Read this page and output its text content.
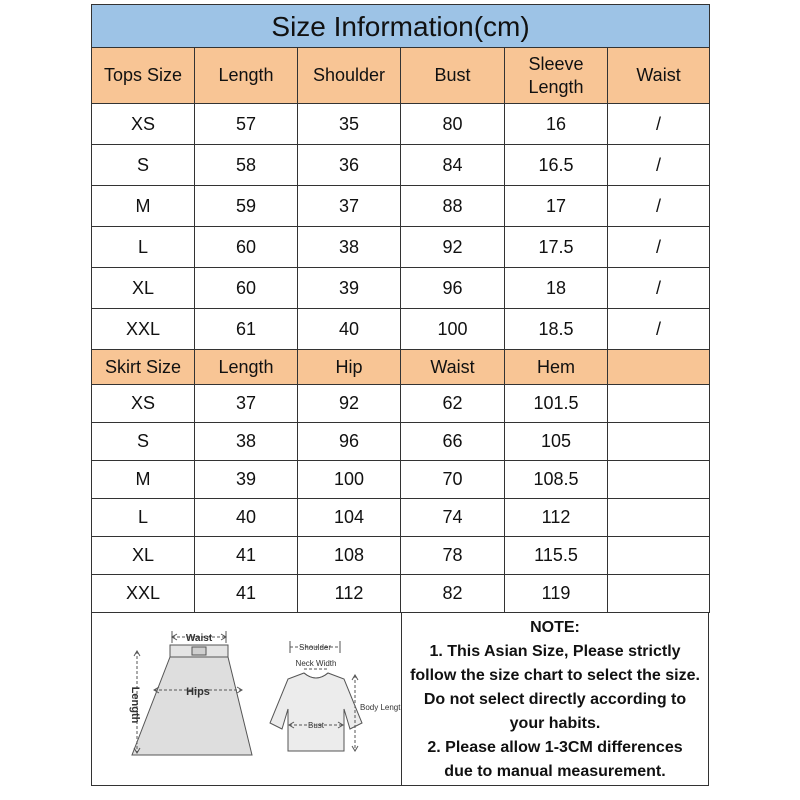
Size Information(cm)					
Tops Size	Length	Shoulder	Bust	Sleeve Length	Waist
XS	57	35	80	16	/
S	58	36	84	16.5	/
M	59	37	88	17	/
L	60	38	92	17.5	/
XL	60	39	96	18	/
XXL	61	40	100	18.5	/
Skirt Size	Length	Hip	Waist	Hem	
XS	37	92	62	101.5	
S	38	96	66	105	
M	39	100	70	108.5	
L	40	104	74	112	
XL	41	108	78	115.5	
XXL	41	112	82	119	
Waist
Hips
Length
Shoulder
Neck Width
Body Length
Bust
NOTE:
1. This Asian Size, Please strictly
follow the size chart to select the size.
Do not select directly according to
your habits.
2. Please allow 1-3CM differences
due to manual measurement.
